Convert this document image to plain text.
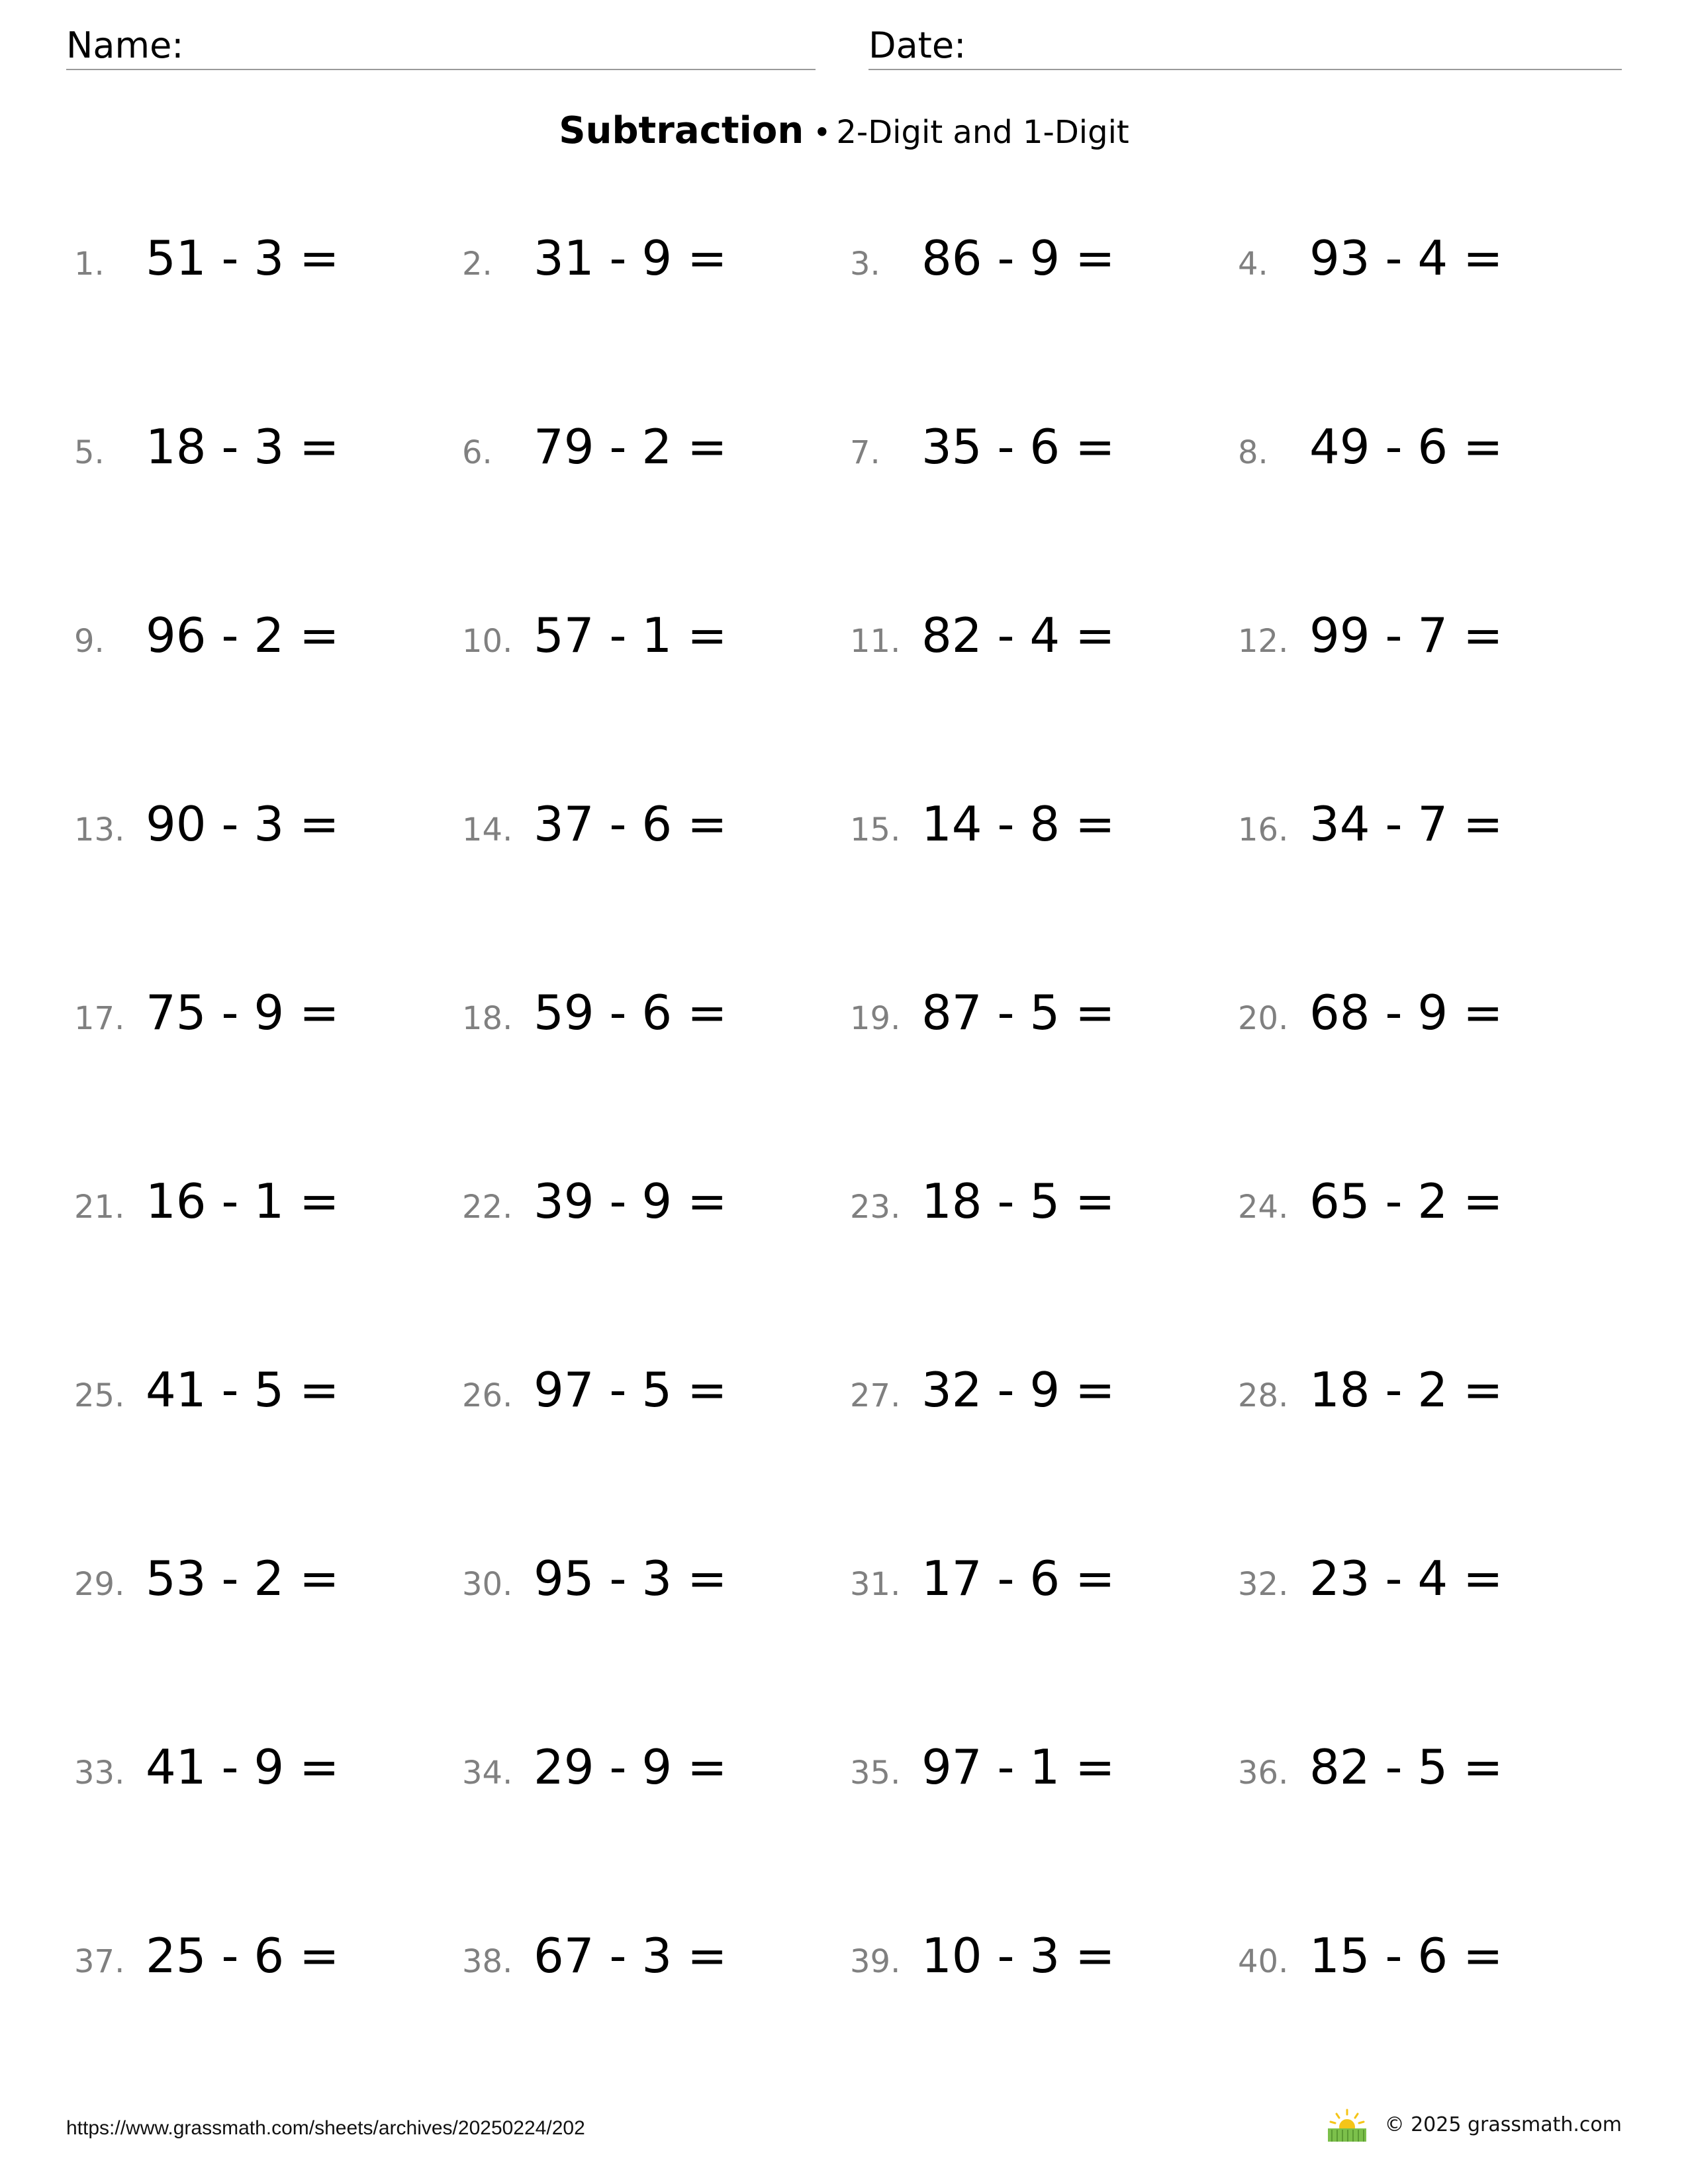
Name:	Date:
Subtraction • 2-Digit and 1-Digit
1. 51 - 3 =	2. 31 - 9 =	3. 86 - 9 =	4. 93 - 4 =
5. 18 - 3 =	6. 79 - 2 =	7. 35 - 6 =	8. 49 - 6 =
9. 96 - 2 =	10. 57 - 1 =	11. 82 - 4 =	12. 99 - 7 =
13. 90 - 3 =	14. 37 - 6 =	15. 14 - 8 =	16. 34 - 7 =
17. 75 - 9 =	18. 59 - 6 =	19. 87 - 5 =	20. 68 - 9 =
21. 16 - 1 =	22. 39 - 9 =	23. 18 - 5 =	24. 65 - 2 =
25. 41 - 5 =	26. 97 - 5 =	27. 32 - 9 =	28. 18 - 2 =
29. 53 - 2 =	30. 95 - 3 =	31. 17 - 6 =	32. 23 - 4 =
33. 41 - 9 =	34. 29 - 9 =	35. 97 - 1 =	36. 82 - 5 =
37. 25 - 6 =	38. 67 - 3 =	39. 10 - 3 =	40. 15 - 6 =
https://www.grassmath.com/sheets/archives/20250224/202	© 2025 grassmath.com
